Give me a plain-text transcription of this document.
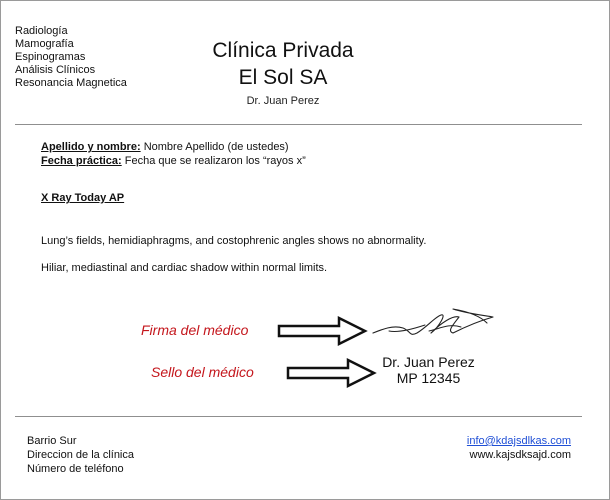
Radiología
Mamografía
Espinogramas
Análisis Clínicos
Resonancia Magnetica
Clínica Privada
El Sol SA
Dr. Juan Perez
Apellido y nombre: Nombre Apellido (de ustedes)
Fecha práctica: Fecha que se realizaron los “rayos x”
X Ray Today AP

Lung’s fields, hemidiaphragms, and costophrenic angles shows no abnormality.

Hiliar, mediastinal and cardiac shadow within normal limits.

Firma del médico
Sello del médico
Dr. Juan Perez
MP 12345
Barrio Sur
Direccion de la clínica
Número de teléfono
info@kdajsdlkas.com
www.kajsdksajd.com
